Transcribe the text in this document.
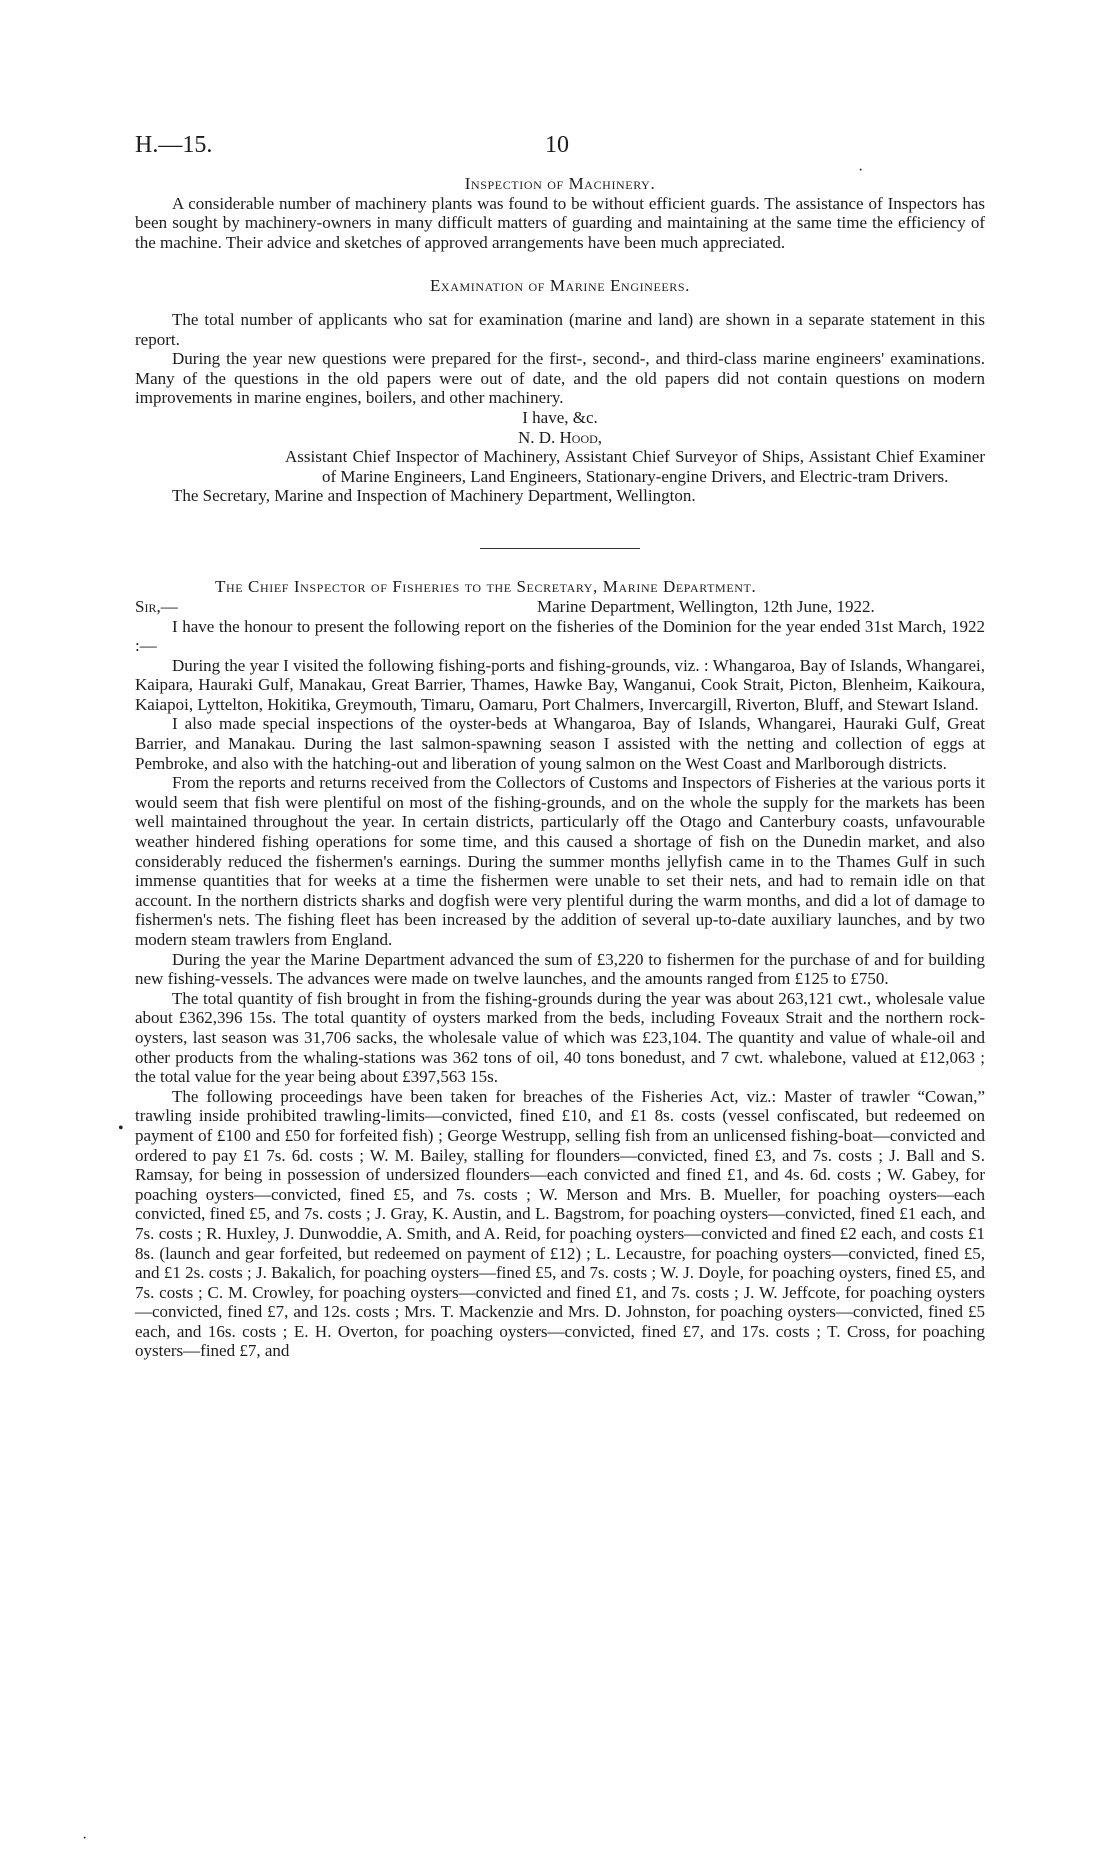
H.—15.	10

Inspection of Machinery.

A considerable number of machinery plants was found to be without efficient guards. The assistance of Inspectors has been sought by machinery-owners in many difficult matters of guarding and maintaining at the same time the efficiency of the machine. Their advice and sketches of approved arrangements have been much appreciated.

Examination of Marine Engineers.

The total number of applicants who sat for examination (marine and land) are shown in a separate statement in this report.

During the year new questions were prepared for the first-, second-, and third-class marine engineers' examinations. Many of the questions in the old papers were out of date, and the old papers did not contain questions on modern improvements in marine engines, boilers, and other machinery.

I have, &c.

N. D. Hood,

Assistant Chief Inspector of Machinery, Assistant Chief Surveyor of Ships, Assistant Chief Examiner of Marine Engineers, Land Engineers, Stationary-engine Drivers, and Electric-tram Drivers.

The Secretary, Marine and Inspection of Machinery Department, Wellington.

The Chief Inspector of Fisheries to the Secretary, Marine Department.

Sir,—	Marine Department, Wellington, 12th June, 1922.

I have the honour to present the following report on the fisheries of the Dominion for the year ended 31st March, 1922 :—

During the year I visited the following fishing-ports and fishing-grounds, viz. : Whangaroa, Bay of Islands, Whangarei, Kaipara, Hauraki Gulf, Manakau, Great Barrier, Thames, Hawke Bay, Wanganui, Cook Strait, Picton, Blenheim, Kaikoura, Kaiapoi, Lyttelton, Hokitika, Greymouth, Timaru, Oamaru, Port Chalmers, Invercargill, Riverton, Bluff, and Stewart Island.

I also made special inspections of the oyster-beds at Whangaroa, Bay of Islands, Whangarei, Hauraki Gulf, Great Barrier, and Manakau. During the last salmon-spawning season I assisted with the netting and collection of eggs at Pembroke, and also with the hatching-out and liberation of young salmon on the West Coast and Marlborough districts.

From the reports and returns received from the Collectors of Customs and Inspectors of Fisheries at the various ports it would seem that fish were plentiful on most of the fishing-grounds, and on the whole the supply for the markets has been well maintained throughout the year. In certain districts, particularly off the Otago and Canterbury coasts, unfavourable weather hindered fishing operations for some time, and this caused a shortage of fish on the Dunedin market, and also considerably reduced the fishermen's earnings. During the summer months jellyfish came in to the Thames Gulf in such immense quantities that for weeks at a time the fishermen were unable to set their nets, and had to remain idle on that account. In the northern districts sharks and dogfish were very plentiful during the warm months, and did a lot of damage to fishermen's nets. The fishing fleet has been increased by the addition of several up-to-date auxiliary launches, and by two modern steam trawlers from England.

During the year the Marine Department advanced the sum of £3,220 to fishermen for the purchase of and for building new fishing-vessels. The advances were made on twelve launches, and the amounts ranged from £125 to £750.

The total quantity of fish brought in from the fishing-grounds during the year was about 263,121 cwt., wholesale value about £362,396 15s. The total quantity of oysters marked from the beds, including Foveaux Strait and the northern rock-oysters, last season was 31,706 sacks, the wholesale value of which was £23,104. The quantity and value of whale-oil and other products from the whaling-stations was 362 tons of oil, 40 tons bonedust, and 7 cwt. whalebone, valued at £12,063 ; the total value for the year being about £397,563 15s.

The following proceedings have been taken for breaches of the Fisheries Act, viz.: Master of trawler “Cowan,” trawling inside prohibited trawling-limits—convicted, fined £10, and £1 8s. costs (vessel confiscated, but redeemed on payment of £100 and £50 for forfeited fish) ; George Westrupp, selling fish from an unlicensed fishing-boat—convicted and ordered to pay £1 7s. 6d. costs ; W. M. Bailey, stalling for flounders—convicted, fined £3, and 7s. costs ; J. Ball and S. Ramsay, for being in possession of undersized flounders—each convicted and fined £1, and 4s. 6d. costs ; W. Gabey, for poaching oysters—convicted, fined £5, and 7s. costs ; W. Merson and Mrs. B. Mueller, for poaching oysters—each convicted, fined £5, and 7s. costs ; J. Gray, K. Austin, and L. Bagstrom, for poaching oysters—convicted, fined £1 each, and 7s. costs ; R. Huxley, J. Dunwoddie, A. Smith, and A. Reid, for poaching oysters—convicted and fined £2 each, and costs £1 8s. (launch and gear forfeited, but redeemed on payment of £12) ; L. Lecaustre, for poaching oysters—convicted, fined £5, and £1 2s. costs ; J. Bakalich, for poaching oysters—fined £5, and 7s. costs ; W. J. Doyle, for poaching oysters, fined £5, and 7s. costs ; C. M. Crowley, for poaching oysters—convicted and fined £1, and 7s. costs ; J. W. Jeffcote, for poaching oysters—convicted, fined £7, and 12s. costs ; Mrs. T. Mackenzie and Mrs. D. Johnston, for poaching oysters—convicted, fined £5 each, and 16s. costs ; E. H. Overton, for poaching oysters—convicted, fined £7, and 17s. costs ; T. Cross, for poaching oysters—fined £7, and

·
•
·
